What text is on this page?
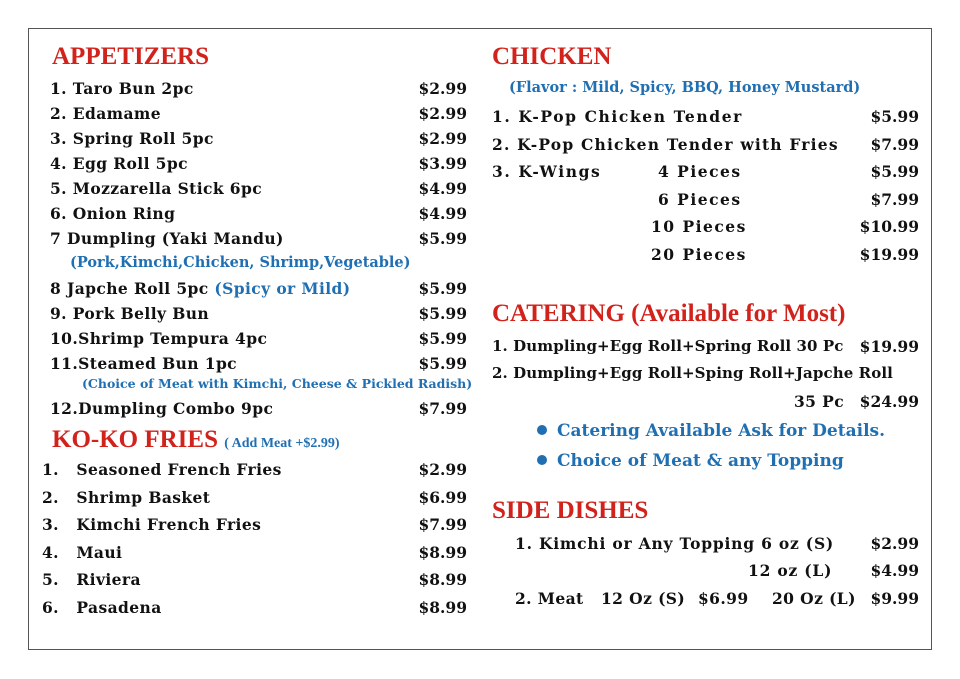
APPETIZERS
1. Taro Bun 2pc	$2.99
2. Edamame	$2.99
3. Spring Roll 5pc	$2.99
4. Egg Roll 5pc	$3.99
5. Mozzarella Stick 6pc	$4.99
6. Onion Ring	$4.99
7 Dumpling (Yaki Mandu)	$5.99
(Pork,Kimchi,Chicken, Shrimp,Vegetable)
8 Japche Roll 5pc (Spicy or Mild)	$5.99
9. Pork Belly Bun	$5.99
10.Shrimp Tempura 4pc	$5.99
11.Steamed Bun 1pc	$5.99
(Choice of Meat with Kimchi, Cheese & Pickled Radish)
12.Dumpling Combo 9pc	$7.99
KO-KO FRIES ( Add Meat +$2.99)
1.   Seasoned French Fries	$2.99
2.   Shrimp Basket	$6.99
3.   Kimchi French Fries	$7.99
4.   Maui	$8.99
5.   Riviera	$8.99
6.   Pasadena	$8.99
CHICKEN
(Flavor : Mild, Spicy, BBQ, Honey Mustard)
1. K-Pop Chicken Tender	$5.99
2. K-Pop Chicken Tender with Fries $7.99
3. K-Wings	4 Pieces	$5.99
6 Pieces	$7.99
10 Pieces	$10.99
20 Pieces	$19.99
CATERING (Available for Most)
1. Dumpling+Egg Roll+Spring Roll 30 Pc $19.99
2. Dumpling+Egg Roll+Sping Roll+Japche Roll
35 Pc $24.99
Catering Available Ask for Details.
Choice of Meat & any Topping
SIDE DISHES
1. Kimchi or Any Topping 6 oz (S) $2.99
12 oz (L) $4.99
2. Meat 12 Oz (S) $6.99 20 Oz (L) $9.99
